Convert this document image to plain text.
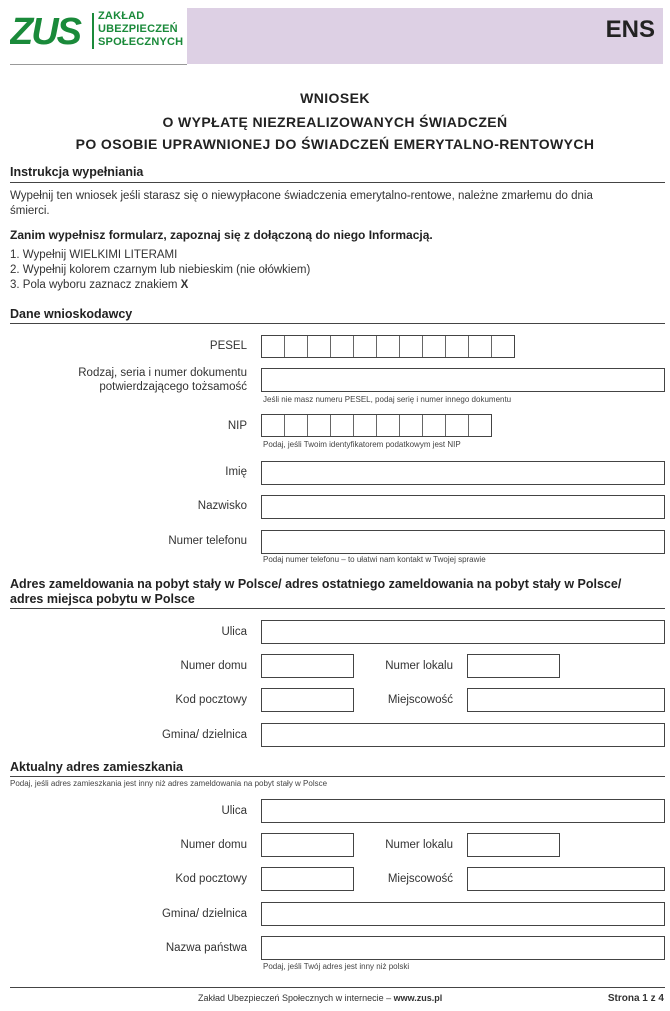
ZUS ZAKŁAD
UBEZPIECZEŃ
SPOŁECZNYCH	ENS
WNIOSEK
O WYPŁATĘ NIEZREALIZOWANYCH ŚWIADCZEŃ
PO OSOBIE UPRAWNIONEJ DO ŚWIADCZEŃ EMERYTALNO-RENTOWYCH
Instrukcja wypełniania
Wypełnij ten wniosek jeśli starasz się o niewypłacone świadczenia emerytalno-rentowe, należne zmarłemu do dnia
śmierci.
Zanim wypełnisz formularz, zapoznaj się z dołączoną do niego Informacją.
1. Wypełnij WIELKIMI LITERAMI
2. Wypełnij kolorem czarnym lub niebieskim (nie ołówkiem)
3. Pola wyboru zaznacz znakiem X
Dane wnioskodawcy
PESEL
Rodzaj, seria i numer dokumentu
potwierdzającego tożsamość
Jeśli nie masz numeru PESEL, podaj serię i numer innego dokumentu
NIP
Podaj, jeśli Twoim identyfikatorem podatkowym jest NIP
Imię
Nazwisko
Numer telefonu
Podaj numer telefonu – to ułatwi nam kontakt w Twojej sprawie
Adres zameldowania na pobyt stały w Polsce/ adres ostatniego zameldowania na pobyt stały w Polsce/
adres miejsca pobytu w Polsce
Ulica
Numer domu	Numer lokalu
Kod pocztowy	Miejscowość
Gmina/ dzielnica
Aktualny adres zamieszkania
Podaj, jeśli adres zamieszkania jest inny niż adres zameldowania na pobyt stały w Polsce
Ulica
Numer domu	Numer lokalu
Kod pocztowy	Miejscowość
Gmina/ dzielnica
Nazwa państwa
Podaj, jeśli Twój adres jest inny niż polski
Zakład Ubezpieczeń Społecznych w internecie – www.zus.pl	Strona 1 z 4
